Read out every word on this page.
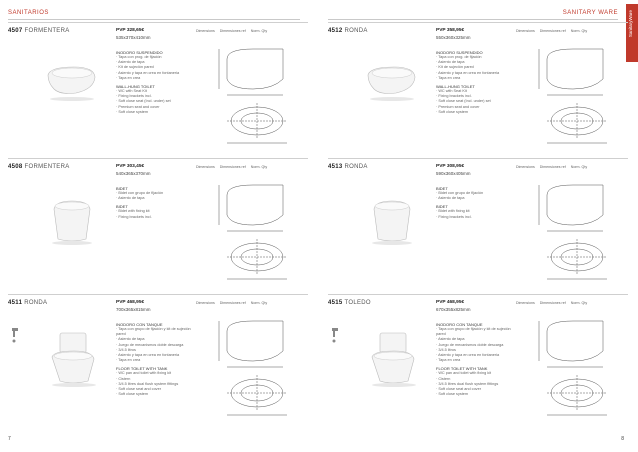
SANITARIOS	SANITARY WARE SanitaryWare
4507 FORMENTERA	PVP 328,65€
535x370x410mm
INODORO SUSPENDIDO
· Tapa con prog. de fijación
· Asiento de tapa
· Kit de sujeción pared
· Asiento y tapa en crea en fontaneria
· Tapa en crea
WALL-HUNG TOILET
· WC with Seat Kit
· Fixing brackets incl.
· Soft close seat (Incl. under) set
· Premium seat and cover
· Soft close system
Dimensions Dimensiones ref Norm. Qty
4508 FORMENTERA	PVP 303,45€
540x365x370mm
BIDET
· Bidet con grupo de fijación
· Asiento de tapa
BIDET
· Bidet with fixing kit
· Fixing brackets incl.
Dimensions Dimensiones ref Norm. Qty
4511 RONDA	PVP 468,95€
700x365x815mm
INODORO CON TANQUE
· Tapa con grupo de fijación y kit de sujeción pared
· Asiento de tapa
· Juego de mecanismos doble descarga
· 3/4.5 litros
· Asiento y tapa en crea en fontaneria
· Tapa en crea
FLOOR TOILET WITH TANK
· WC pan and toilet with fixing kit
· Cistern
· 3/4.5 litres dual flush system fittings
· Soft close seat and cover
· Soft close system
Dimensions Dimensiones ref Norm. Qty
4512 RONDA	PVP 358,95€
550x360x325mm
INODORO SUSPENDIDO
· Tapa con prog. de fijación
· Asiento de tapa
· Kit de sujeción pared
· Asiento y tapa en crea en fontaneria
· Tapa en crea
WALL-HUNG TOILET
· WC with Seat Kit
· Fixing brackets incl.
· Soft close seat (Incl. under) set
· Premium seat and cover
· Soft close system
Dimensions Dimensiones ref Norm. Qty
4513 RONDA	PVP 308,95€
590x360x405mm
BIDET
· Bidet con grupo de fijación
· Asiento de tapa
BIDET
· Bidet with fixing kit
· Fixing brackets incl.
Dimensions Dimensiones ref Norm. Qty
4515 TOLEDO	PVP 468,95€
670x355x825mm
INODORO CON TANQUE
· Tapa con grupo de fijación y kit de sujeción pared
· Asiento de tapa
· Juego de mecanismos doble descarga
· 3/4.5 litros
· Asiento y tapa en crea en fontaneria
· Tapa en crea
FLOOR TOILET WITH TANK
· WC pan and toilet with fixing kit
· Cistern
· 3/4.5 litres dual flush system fittings
· Soft close seat and cover
· Soft close system
Dimensions Dimensiones ref Norm. Qty
7	8
